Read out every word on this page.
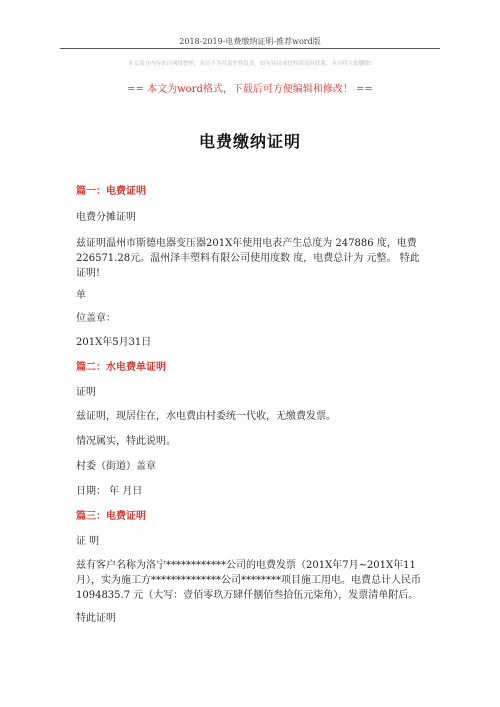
2018-2019-电费缴纳证明-推荐word版
本文部分内容来自网络整理，本司不为其真实性负责，如有异议或侵权请及时联系，本司将立即删除!
== 本文为word格式，下载后可方便编辑和修改！ ==
电费缴纳证明
篇一：电费证明
电费分摊证明
兹证明温州市斯德电器变压器201X年使用电表产生总度为 247886 度，电费226571.28元。温州泽丰塑料有限公司使用度数 度，电费总计为 元整。 特此证明!
单
位盖章：
201X年5月31日
篇二：水电费单证明
证明
兹证明，现居住在，水电费由村委统一代收，无缴费发票。
情况属实，特此说明。
村委（街道）盖章
日期： 年 月日
篇三：电费证明
证 明
兹有客户名称为洛宁************公司的电费发票（201X年7月~201X年11月），实为施工方**************公司********项目施工用电。电费总计人民币 1094835.7 元（大写：壹佰零玖万肆仟捌佰叁拾伍元柒角），发票清单附后。
特此证明
